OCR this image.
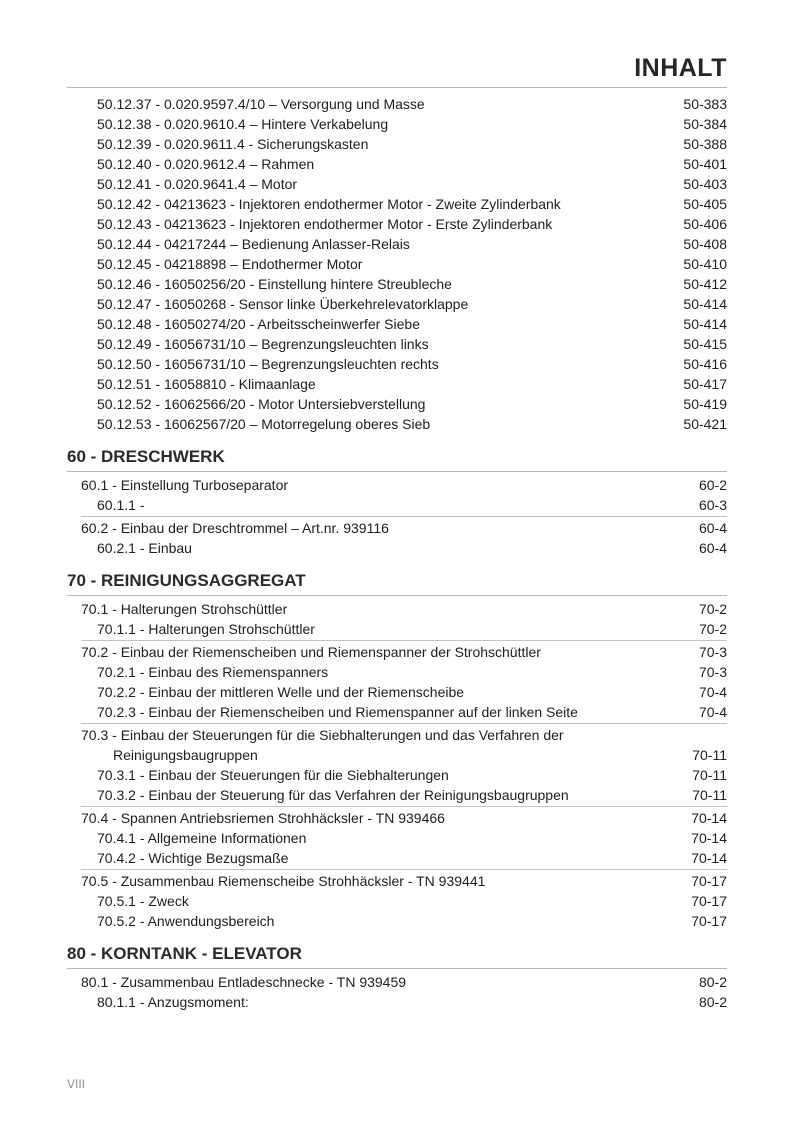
INHALT
50.12.37 - 0.020.9597.4/10 – Versorgung und Masse	50-383
50.12.38 - 0.020.9610.4 – Hintere Verkabelung	50-384
50.12.39 - 0.020.9611.4 - Sicherungskasten	50-388
50.12.40 - 0.020.9612.4 – Rahmen	50-401
50.12.41 - 0.020.9641.4 – Motor	50-403
50.12.42 - 04213623 - Injektoren endothermer Motor - Zweite Zylinderbank	50-405
50.12.43 - 04213623 - Injektoren endothermer Motor - Erste Zylinderbank	50-406
50.12.44 - 04217244 – Bedienung Anlasser-Relais	50-408
50.12.45 - 04218898 – Endothermer Motor	50-410
50.12.46 - 16050256/20 - Einstellung hintere Streubleche	50-412
50.12.47 - 16050268 - Sensor linke Überkehrelevatorklappe	50-414
50.12.48 - 16050274/20 - Arbeitsscheinwerfer Siebe	50-414
50.12.49 - 16056731/10 – Begrenzungsleuchten links	50-415
50.12.50 - 16056731/10 – Begrenzungsleuchten rechts	50-416
50.12.51 - 16058810 - Klimaanlage	50-417
50.12.52 - 16062566/20 - Motor Untersiebverstellung	50-419
50.12.53 - 16062567/20 – Motorregelung oberes Sieb	50-421
60 - DRESCHWERK
60.1 - Einstellung Turboseparator	60-2
60.1.1 -	60-3
60.2 - Einbau der Dreschtrommel – Art.nr. 939116	60-4
60.2.1 - Einbau	60-4
70 - REINIGUNGSAGGREGAT
70.1 - Halterungen Strohschüttler	70-2
70.1.1 - Halterungen Strohschüttler	70-2
70.2 - Einbau der Riemenscheiben und Riemenspanner der Strohschüttler	70-3
70.2.1 - Einbau des Riemenspanners	70-3
70.2.2 - Einbau der mittleren Welle und der Riemenscheibe	70-4
70.2.3 - Einbau der Riemenscheiben und Riemenspanner auf der linken Seite	70-4
70.3 - Einbau der Steuerungen für die Siebhalterungen und das Verfahren der
Reinigungsbaugruppen	70-11
70.3.1 - Einbau der Steuerungen für die Siebhalterungen	70-11
70.3.2 - Einbau der Steuerung für das Verfahren der Reinigungsbaugruppen	70-11
70.4 - Spannen Antriebsriemen Strohhäcksler - TN 939466	70-14
70.4.1 - Allgemeine Informationen	70-14
70.4.2 - Wichtige Bezugsmaße	70-14
70.5 - Zusammenbau Riemenscheibe Strohhäcksler - TN 939441	70-17
70.5.1 - Zweck	70-17
70.5.2 - Anwendungsbereich	70-17
80 - KORNTANK - ELEVATOR
80.1 - Zusammenbau Entladeschnecke - TN 939459	80-2
80.1.1 - Anzugsmoment:	80-2
VIII
